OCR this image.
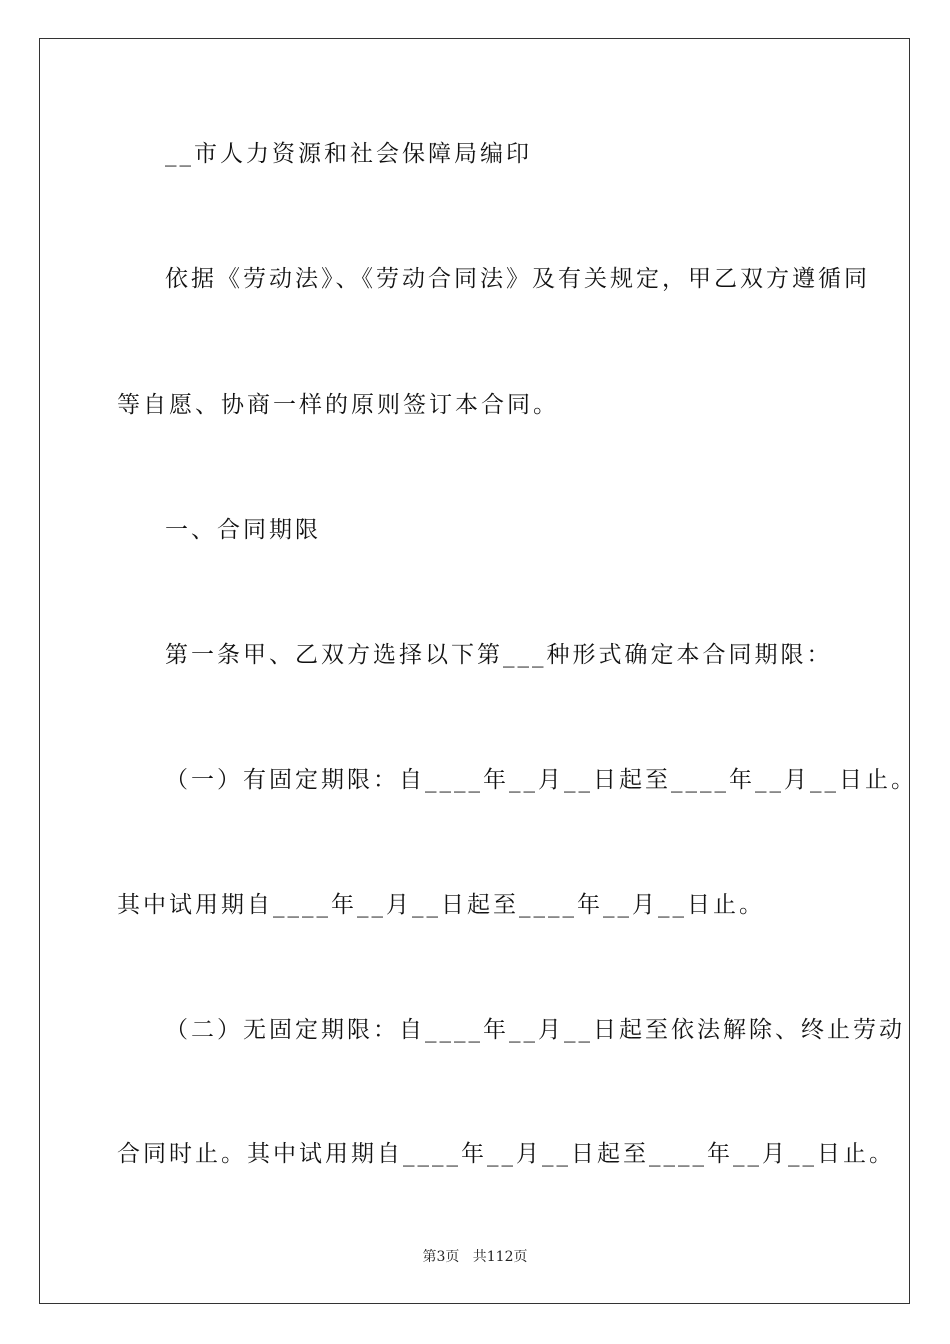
__市人力资源和社会保障局编印

依据《劳动法》、《劳动合同法》及有关规定，甲乙双方遵循同

等自愿、协商一样的原则签订本合同。

一、合同期限

第一条甲、乙双方选择以下第___种形式确定本合同期限：

（一）有固定期限：自____年__月__日起至____年__月__日止。

其中试用期自____年__月__日起至____年__月__日止。

（二）无固定期限：自____年__月__日起至依法解除、终止劳动

合同时止。其中试用期自____年__月__日起至____年__月__日止。

第3页   共112页
